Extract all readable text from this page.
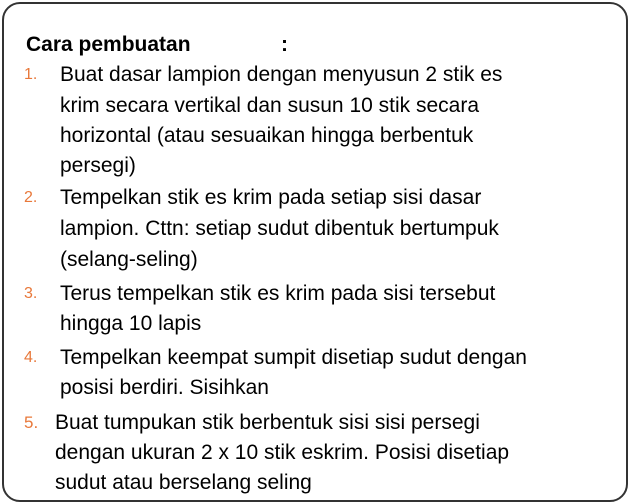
Cara pembuatan	:
1. Buat dasar lampion dengan menyusun 2 stik es
krim secara vertikal dan susun 10 stik secara
horizontal (atau sesuaikan hingga berbentuk
persegi)
2. Tempelkan stik es krim pada setiap sisi dasar
lampion. Cttn: setiap sudut dibentuk bertumpuk
(selang-seling)
3. Terus tempelkan stik es krim pada sisi tersebut
hingga 10 lapis
4. Tempelkan keempat sumpit disetiap sudut dengan
posisi berdiri. Sisihkan
5. Buat tumpukan stik berbentuk sisi sisi persegi
dengan ukuran 2 x 10 stik eskrim. Posisi disetiap
sudut atau berselang seling
